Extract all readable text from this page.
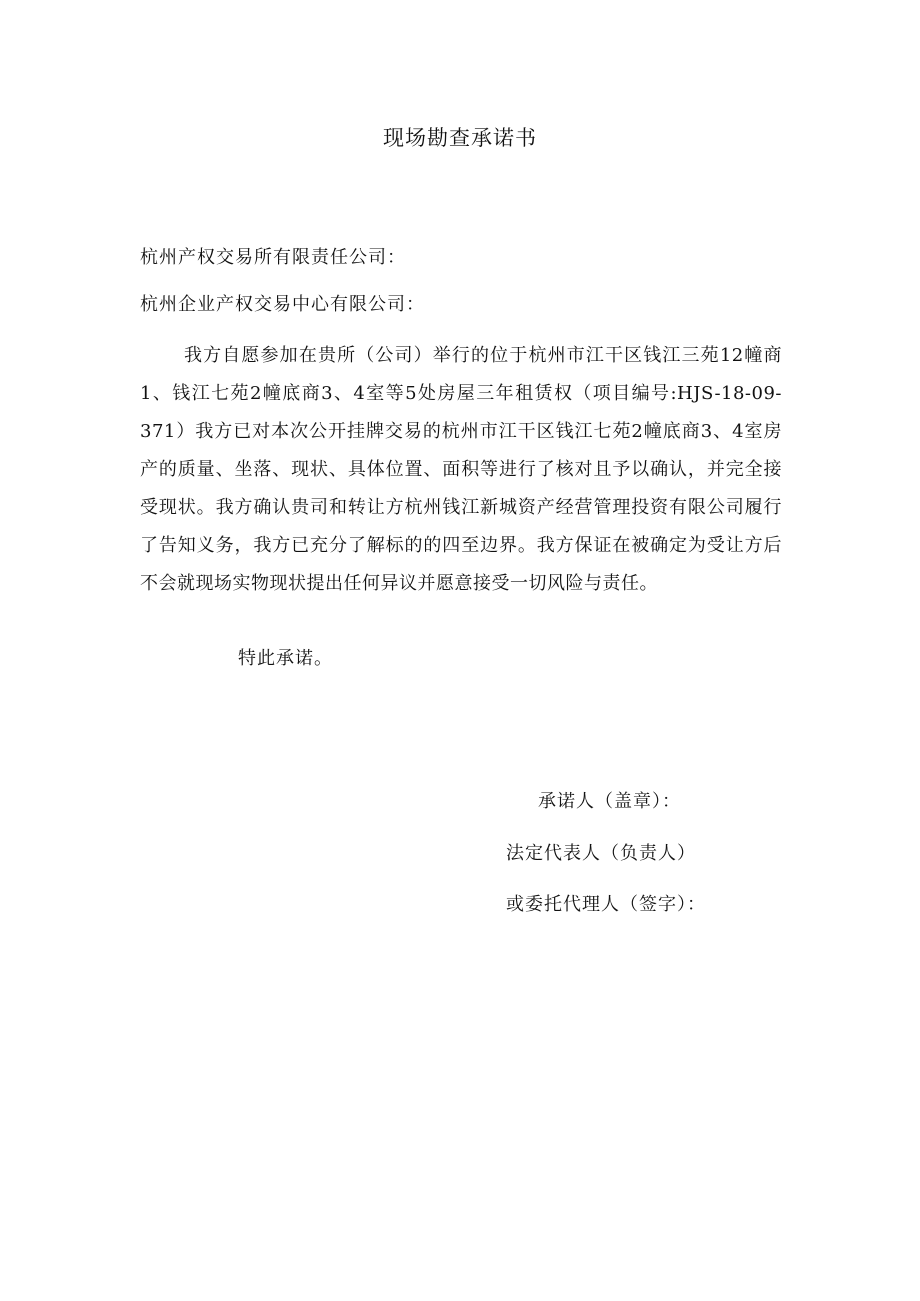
现场勘查承诺书
杭州产权交易所有限责任公司：
杭州企业产权交易中心有限公司：
我方自愿参加在贵所（公司）举行的位于杭州市江干区钱江三苑12幢商1、钱江七苑2幢底商3、4室等5处房屋三年租赁权（项目编号:HJS-18-09-371）我方已对本次公开挂牌交易的杭州市江干区钱江七苑2幢底商3、4室房产的质量、坐落、现状、具体位置、面积等进行了核对且予以确认，并完全接受现状。我方确认贵司和转让方杭州钱江新城资产经营管理投资有限公司履行了告知义务，我方已充分了解标的的四至边界。我方保证在被确定为受让方后不会就现场实物现状提出任何异议并愿意接受一切风险与责任。
特此承诺。
承诺人（盖章）：
法定代表人（负责人）
或委托代理人（签字）：
